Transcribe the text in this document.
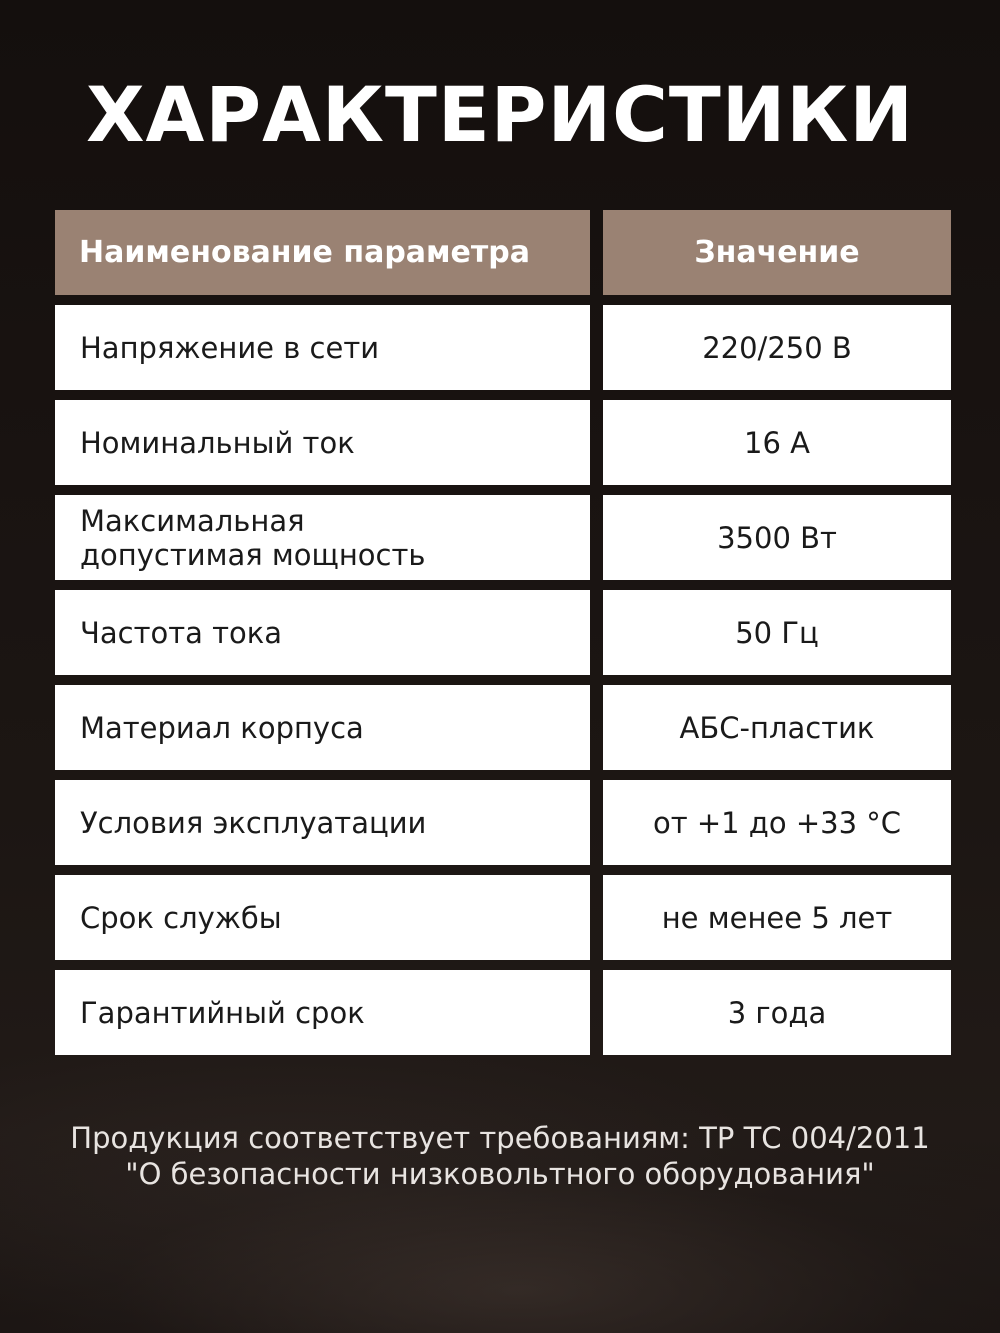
ХАРАКТЕРИСТИКИ
Наименование параметра	Значение
Напряжение в сети	220/250 В
Номинальный ток	16 А
Максимальная допустимая мощность	3500 Вт
Частота тока	50 Гц
Материал корпуса	АБС-пластик
Условия эксплуатации	от +1 до +33 °C
Срок службы	не менее 5 лет
Гарантийный срок	3 года
Продукция соответствует требованиям: ТР ТС 004/2011
"О безопасности низковольтного оборудования"
